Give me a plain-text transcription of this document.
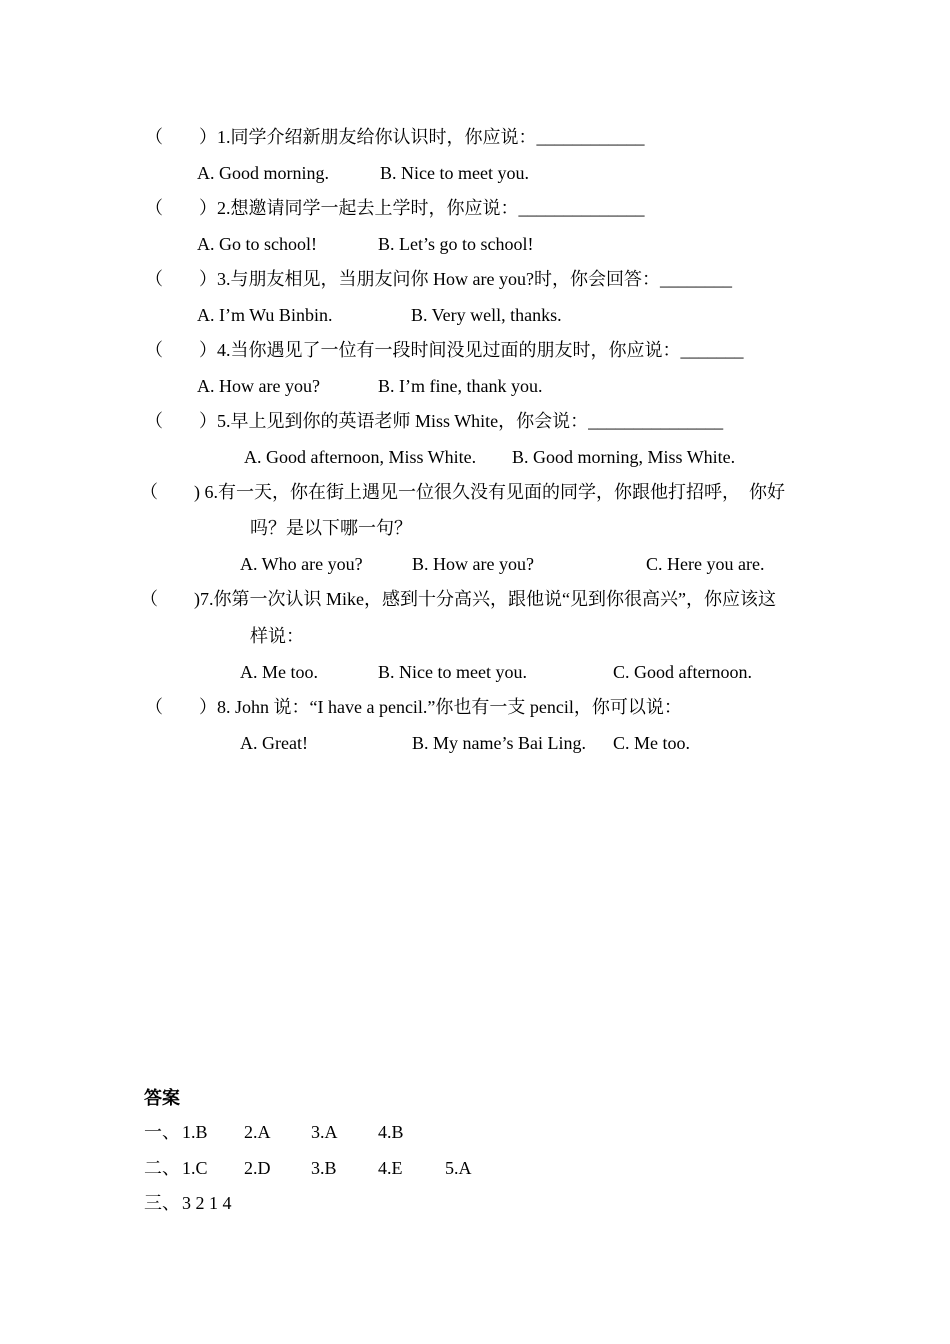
（　　）1.同学介绍新朋友给你认识时，你应说：____________
A. Good morning.	B. Nice to meet you.
（　　）2.想邀请同学一起去上学时，你应说：______________
A. Go to school!	B. Let’s go to school!
（　　）3.与朋友相见，当朋友问你 How are you?时，你会回答：________
A. I’m Wu Binbin.	B. Very well, thanks.
（　　）4.当你遇见了一位有一段时间没见过面的朋友时，你应说：_______
A. How are you?	B. I’m fine, thank you.
（　　）5.早上见到你的英语老师 Miss White，你会说：_______________
A. Good afternoon, Miss White. B. Good morning, Miss White.
（　　) 6.有一天，你在街上遇见一位很久没有见面的同学，你跟他打招呼，　你好
吗？是以下哪一句？
A. Who are you?	B. How are you?	C. Here you are.
（　　)7.你第一次认识 Mike，感到十分高兴，跟他说“见到你很高兴”，你应该这
样说：
A. Me too.	B. Nice to meet you.	C. Good afternoon.
（　　）8. John 说：“I have a pencil.”你也有一支 pencil，你可以说：
A. Great!	B. My name’s Bai Ling. C. Me too.
答案
一、 1.B 2.A 3.A 4.B
二、 1.C 2.D 3.B 4.E 5.A
三、 3 2 1 4
